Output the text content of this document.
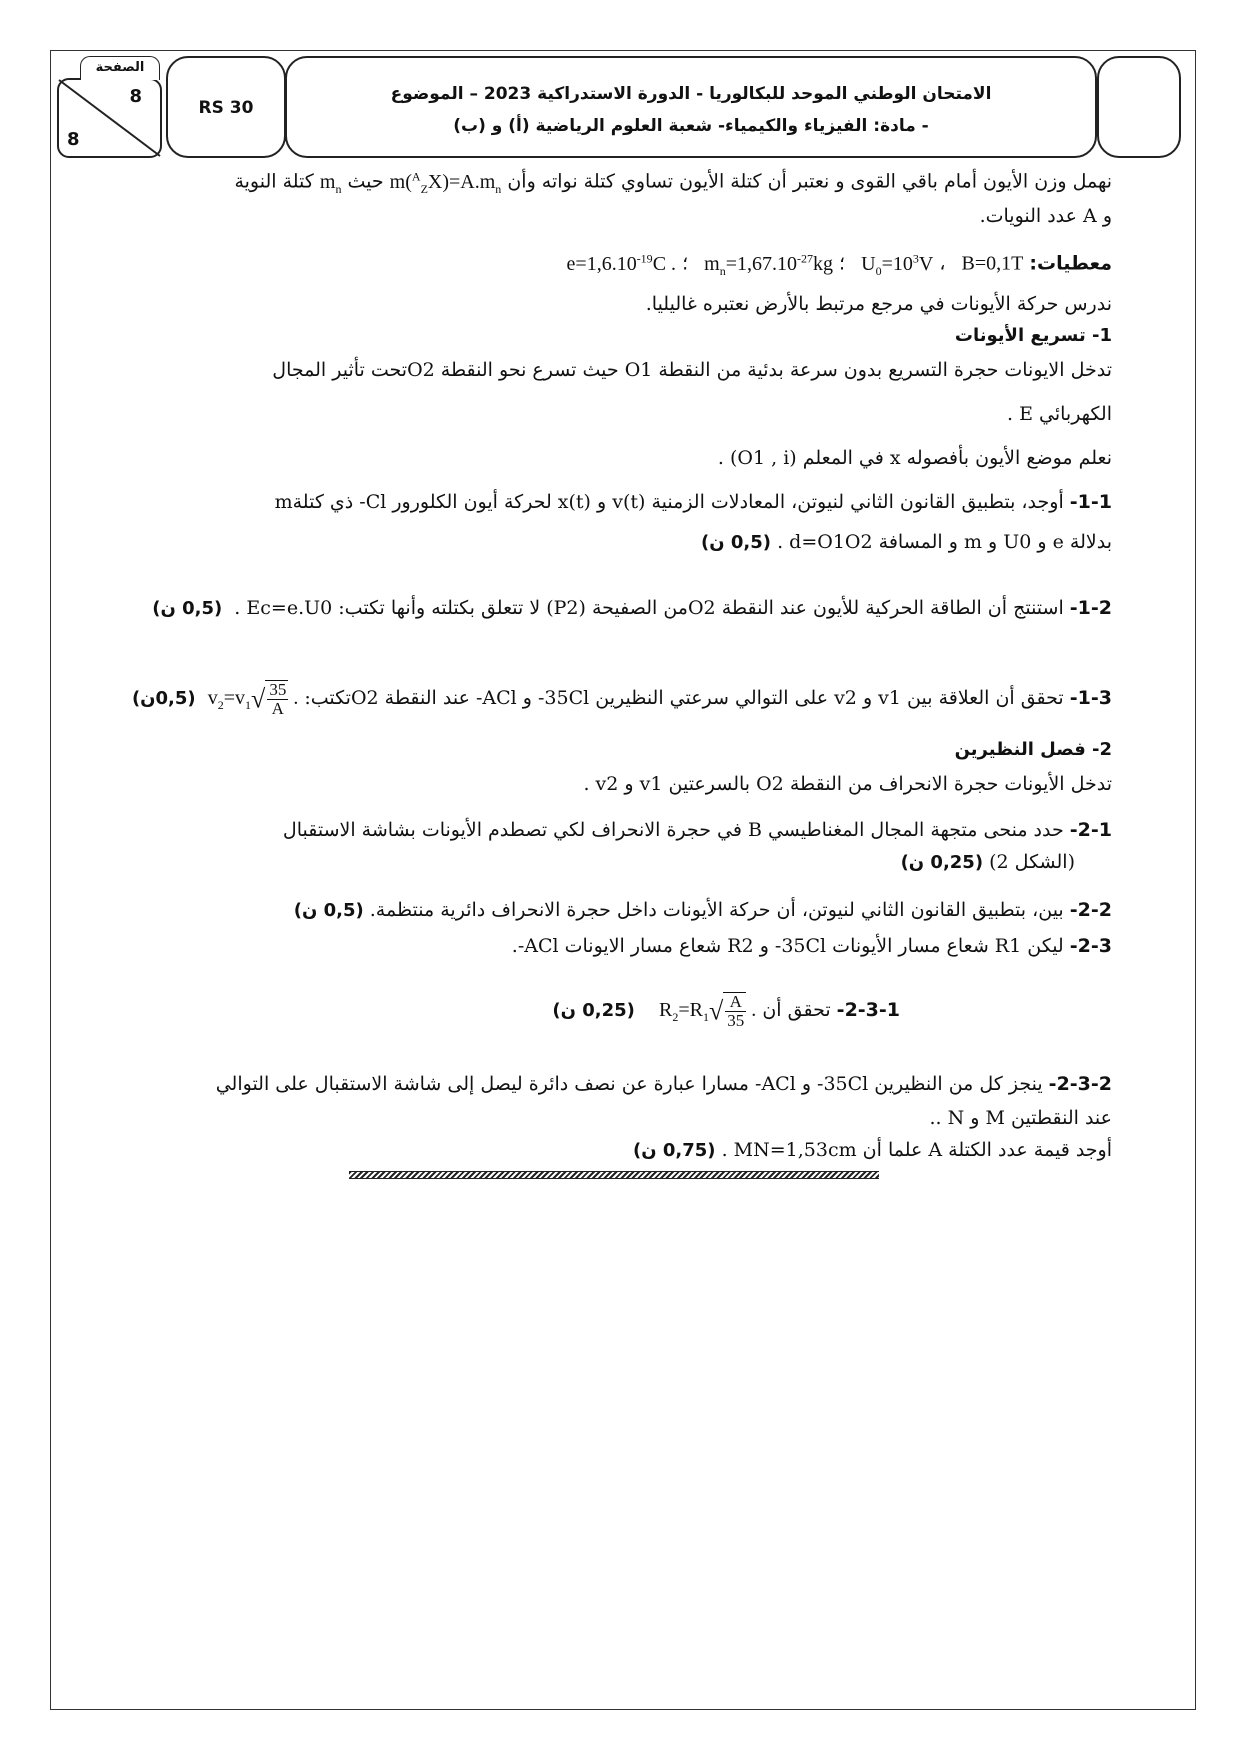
8
8
الصفحة
RS 30
الامتحان الوطني الموحد للبكالوريا - الدورة الاستدراكية 2023 – الموضوع
- مادة: الفيزياء والكيمياء- شعبة العلوم الرياضية (أ) و (ب)
نهمل وزن الأيون أمام باقي القوى و نعتبر أن كتلة الأيون تساوي كتلة نواته وأن $m(^A_ZX)=A.m_n$ حيث $m_n$ كتلة النوية
و A عدد النويات.
معطيات:   B=0,1T ،   $U_0=10^3V$ ؛   $m_n=1,67.10^{-27}kg$ ؛  $e=1,6.10^{-19}C$ .
ندرس حركة الأيونات في مرجع مرتبط بالأرض نعتبره غاليليا.
1- تسريع الأيونات
تدخل الايونات حجرة التسريع بدون سرعة بدئية من النقطة O1 حيث تسرع نحو النقطة O2تحت تأثير المجال
الكهربائي E .
نعلم موضع الأيون بأفصوله x في المعلم (O1 , i) .
1-1- أوجد، بتطبيق القانون الثاني لنيوتن، المعادلات الزمنية v(t) و x(t) لحركة أيون الكلورور Cl- ذي كتلةm
بدلالة e و U0 و m و المسافة d=O1O2 . (0,5 ن)
1-2- استنتج أن الطاقة الحركية للأيون عند النقطة O2من الصفيحة (P2) لا تتعلق بكتلته وأنها تكتب: Ec=e.U0 .  (0,5 ن)
1-3- تحقق أن العلاقة بين v1 و v2 على التوالي سرعتي النظيرين 35Cl- و ACl- عند النقطة O2تكتب: $v_2=v_1√ \frac{35}{A}$ .  (0,5ن)
2- فصل النظيرين
تدخل الأيونات حجرة الانحراف من النقطة O2 بالسرعتين v1 و v2 .
2-1- حدد منحى متجهة المجال المغناطيسي B في حجرة الانحراف لكي تصطدم الأيونات بشاشة الاستقبال
(الشكل 2) (0,25 ن)
2-2- بين، بتطبيق القانون الثاني لنيوتن، أن حركة الأيونات داخل حجرة الانحراف دائرية منتظمة. (0,5 ن)
2-3- ليكن R1 شعاع مسار الأيونات 35Cl- و R2 شعاع مسار الايونات ACl-.
2-3-1- تحقق أن $R_2=R_1√ \frac{A}{35}$ .    (0,25 ن)
2-3-2- ينجز كل من النظيرين 35Cl- و ACl- مسارا عبارة عن نصف دائرة ليصل إلى شاشة الاستقبال على التوالي
عند النقطتين M و N ..
أوجد قيمة عدد الكتلة A علما أن MN=1,53cm . (0,75 ن)
